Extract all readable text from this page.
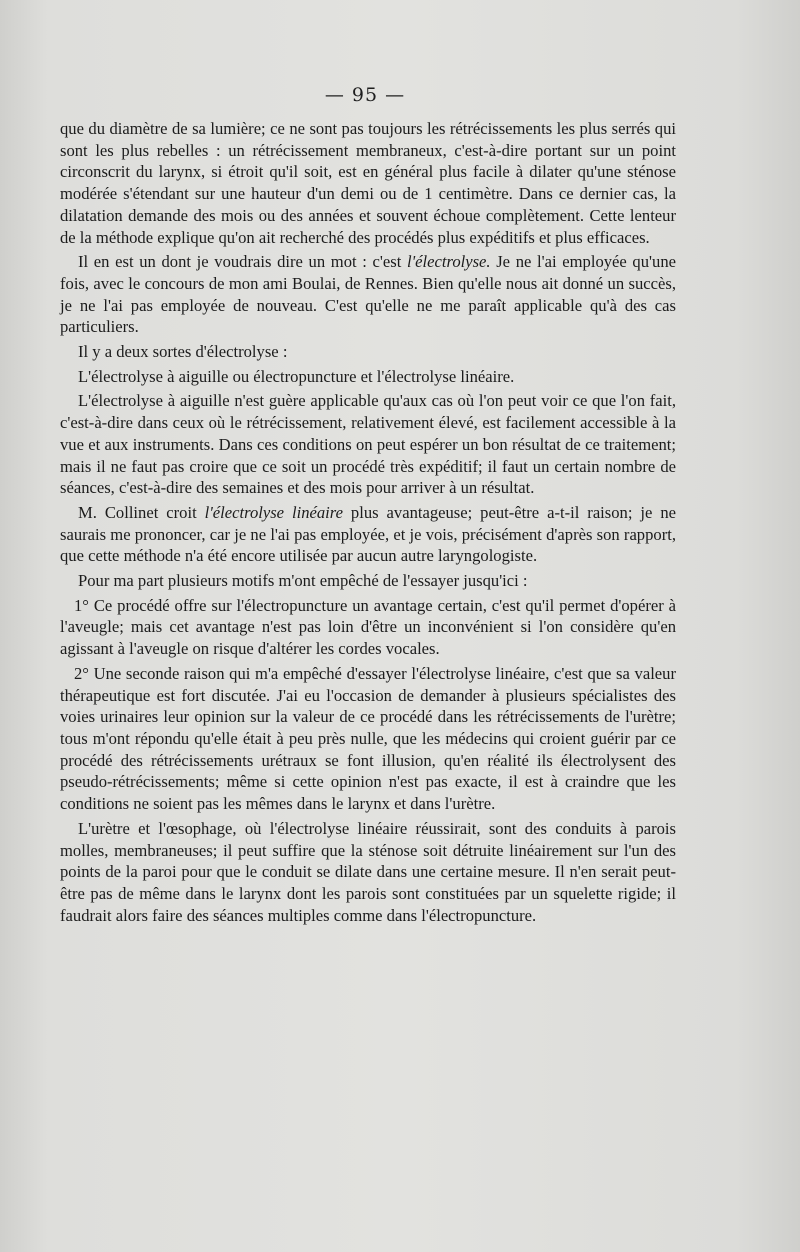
— 95 —

que du diamètre de sa lumière; ce ne sont pas toujours les rétrécissements les plus serrés qui sont les plus rebelles : un rétrécissement membraneux, c'est-à-dire portant sur un point circonscrit du larynx, si étroit qu'il soit, est en général plus facile à dilater qu'une sténose modérée s'étendant sur une hauteur d'un demi ou de 1 centimètre. Dans ce dernier cas, la dilatation demande des mois ou des années et souvent échoue complètement. Cette lenteur de la méthode explique qu'on ait recherché des procédés plus expéditifs et plus efficaces.

Il en est un dont je voudrais dire un mot : c'est l'électrolyse. Je ne l'ai employée qu'une fois, avec le concours de mon ami Boulai, de Rennes. Bien qu'elle nous ait donné un succès, je ne l'ai pas employée de nouveau. C'est qu'elle ne me paraît applicable qu'à des cas particuliers.

Il y a deux sortes d'électrolyse :

L'électrolyse à aiguille ou électropuncture et l'électrolyse linéaire.

L'électrolyse à aiguille n'est guère applicable qu'aux cas où l'on peut voir ce que l'on fait, c'est-à-dire dans ceux où le rétrécissement, relativement élevé, est facilement accessible à la vue et aux instruments. Dans ces conditions on peut espérer un bon résultat de ce traitement; mais il ne faut pas croire que ce soit un procédé très expéditif; il faut un certain nombre de séances, c'est-à-dire des semaines et des mois pour arriver à un résultat.

M. Collinet croit l'électrolyse linéaire plus avantageuse; peut-être a-t-il raison; je ne saurais me prononcer, car je ne l'ai pas employée, et je vois, précisément d'après son rapport, que cette méthode n'a été encore utilisée par aucun autre laryngologiste.

Pour ma part plusieurs motifs m'ont empêché de l'essayer jusqu'ici :

1° Ce procédé offre sur l'électropuncture un avantage certain, c'est qu'il permet d'opérer à l'aveugle; mais cet avantage n'est pas loin d'être un inconvénient si l'on considère qu'en agissant à l'aveugle on risque d'altérer les cordes vocales.

2° Une seconde raison qui m'a empêché d'essayer l'électrolyse linéaire, c'est que sa valeur thérapeutique est fort discutée. J'ai eu l'occasion de demander à plusieurs spécialistes des voies urinaires leur opinion sur la valeur de ce procédé dans les rétrécissements de l'urètre; tous m'ont répondu qu'elle était à peu près nulle, que les médecins qui croient guérir par ce procédé des rétrécissements urétraux se font illusion, qu'en réalité ils électrolysent des pseudo-rétrécissements; même si cette opinion n'est pas exacte, il est à craindre que les conditions ne soient pas les mêmes dans le larynx et dans l'urètre.

L'urètre et l'œsophage, où l'électrolyse linéaire réussirait, sont des conduits à parois molles, membraneuses; il peut suffire que la sténose soit détruite linéairement sur l'un des points de la paroi pour que le conduit se dilate dans une certaine mesure. Il n'en serait peut-être pas de même dans le larynx dont les parois sont constituées par un squelette rigide; il faudrait alors faire des séances multiples comme dans l'électropuncture.
